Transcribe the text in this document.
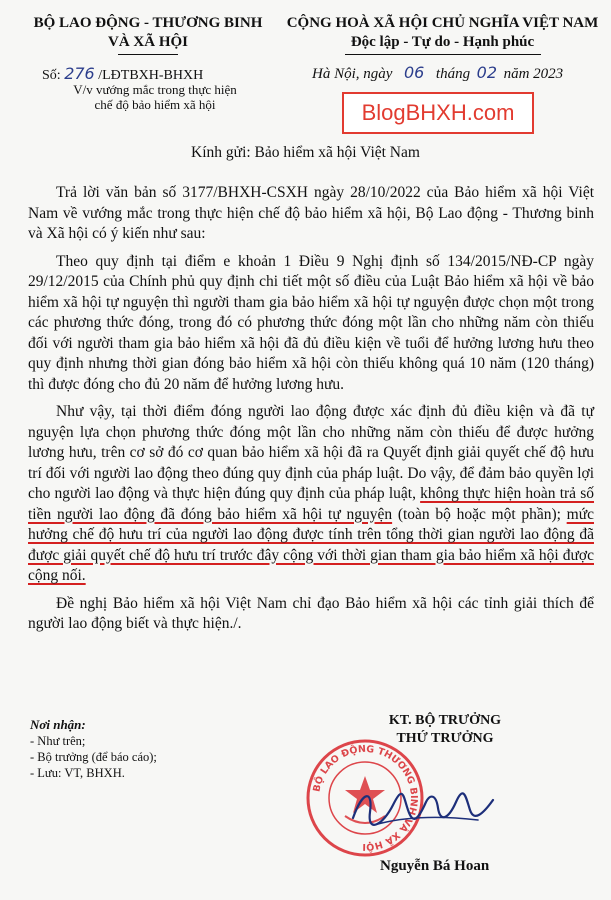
BỘ LAO ĐỘNG - THƯƠNG BINH
VÀ XÃ HỘI
CỘNG HOÀ XÃ HỘI CHỦ NGHĨA VIỆT NAM
Độc lập - Tự do - Hạnh phúc
Số: 276 /LĐTBXH-BHXH
V/v vướng mắc trong thực hiện
chế độ bảo hiểm xã hội
Hà Nội, ngày 06 tháng 02 năm 2023
BlogBHXH.com
Kính gửi: Bảo hiểm xã hội Việt Nam

Trả lời văn bản số 3177/BHXH-CSXH ngày 28/10/2022 của Bảo hiểm xã hội Việt Nam về vướng mắc trong thực hiện chế độ bảo hiểm xã hội, Bộ Lao động - Thương binh và Xã hội có ý kiến như sau:

Theo quy định tại điểm e khoản 1 Điều 9 Nghị định số 134/2015/NĐ-CP ngày 29/12/2015 của Chính phủ quy định chi tiết một số điều của Luật Bảo hiểm xã hội về bảo hiểm xã hội tự nguyện thì người tham gia bảo hiểm xã hội tự nguyện được chọn một trong các phương thức đóng, trong đó có phương thức đóng một lần cho những năm còn thiếu đối với người tham gia bảo hiểm xã hội đã đủ điều kiện về tuổi để hưởng lương hưu theo quy định nhưng thời gian đóng bảo hiểm xã hội còn thiếu không quá 10 năm (120 tháng) thì được đóng cho đủ 20 năm để hưởng lương hưu.

Như vậy, tại thời điểm đóng người lao động được xác định đủ điều kiện và đã tự nguyện lựa chọn phương thức đóng một lần cho những năm còn thiếu để được hưởng lương hưu, trên cơ sở đó cơ quan bảo hiểm xã hội đã ra Quyết định giải quyết chế độ hưu trí đối với người lao động theo đúng quy định của pháp luật. Do vậy, để đảm bảo quyền lợi cho người lao động và thực hiện đúng quy định của pháp luật, không thực hiện hoàn trả số tiền người lao động đã đóng bảo hiểm xã hội tự nguyện (toàn bộ hoặc một phần); mức hưởng chế độ hưu trí của người lao động được tính trên tổng thời gian người lao động đã được giải quyết chế độ hưu trí trước đây cộng với thời gian tham gia bảo hiểm xã hội được cộng nối.

Đề nghị Bảo hiểm xã hội Việt Nam chỉ đạo Bảo hiểm xã hội các tỉnh giải thích để người lao động biết và thực hiện./.

Nơi nhận:
- Như trên;
- Bộ trưởng (để báo cáo);
- Lưu: VT, BHXH.
KT. BỘ TRƯỞNG
THỨ TRƯỞNG
BỘ LAO ĐỘNG THƯƠNG BINH VÀ XÃ HỘI
Nguyễn Bá Hoan
